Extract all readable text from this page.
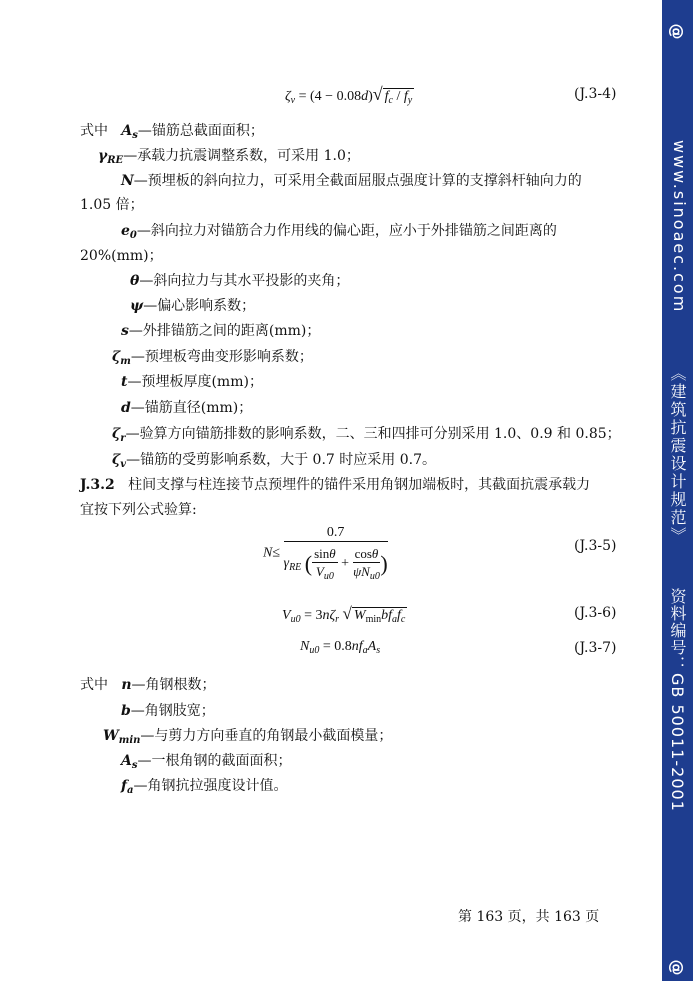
$\zeta_v = (4 - 0.08d)√$ $f_c / f_y$	(J.3-4)
式中 $A_s—$锚筋总截面面积；
$\gamma_{RE}—$承载力抗震调整系数，可采用 1.0；
N—预埋板的斜向拉力，可采用全截面屈服点强度计算的支撑斜杆轴向力的
1.05 倍；
$e_0—$斜向拉力对锚筋合力作用线的偏心距，应小于外排锚筋之间距离的
20%(mm)；
θ—斜向拉力与其水平投影的夹角；
ψ—偏心影响系数；
s—外排锚筋之间的距离(mm)；
$\zeta_m—$预埋板弯曲变形影响系数；
t—预埋板厚度(mm)；
d—锚筋直径(mm)；
$\zeta_r—$验算方向锚筋排数的影响系数，二、三和四排可分别采用 1.0、0.9 和 0.85；
$\zeta_v—$锚筋的受剪影响系数，大于 0.7 时应采用 0.7。
J.3.2 柱间支撑与柱连接节点预埋件的锚件采用角钢加端板时，其截面抗震承载力
宜按下列公式验算:
$N\le \frac{0.7}{\gamma_{RE} ( \frac{\sin\theta}{V_{u0}} + \frac{\cos\theta}{\psi N_{u0}} )}$	(J.3-5)
$V_{u0} = 3n\zeta_r$ √ $W_{min}bf_af_c$	(J.3-6)
$N_{u0} = 0.8nf_aA_s$	(J.3-7)
式中 n—角钢根数；
b—角钢肢宽；
$W_{min}—$与剪力方向垂直的角钢最小截面模量；
$A_s—$一根角钢的截面面积；
$f_a—$角钢抗拉强度设计值。
第 163 页，共 163 页
@
www.sinoaec.com
《建筑抗震设计规范》
资料编号：GB 50011-2001
@
